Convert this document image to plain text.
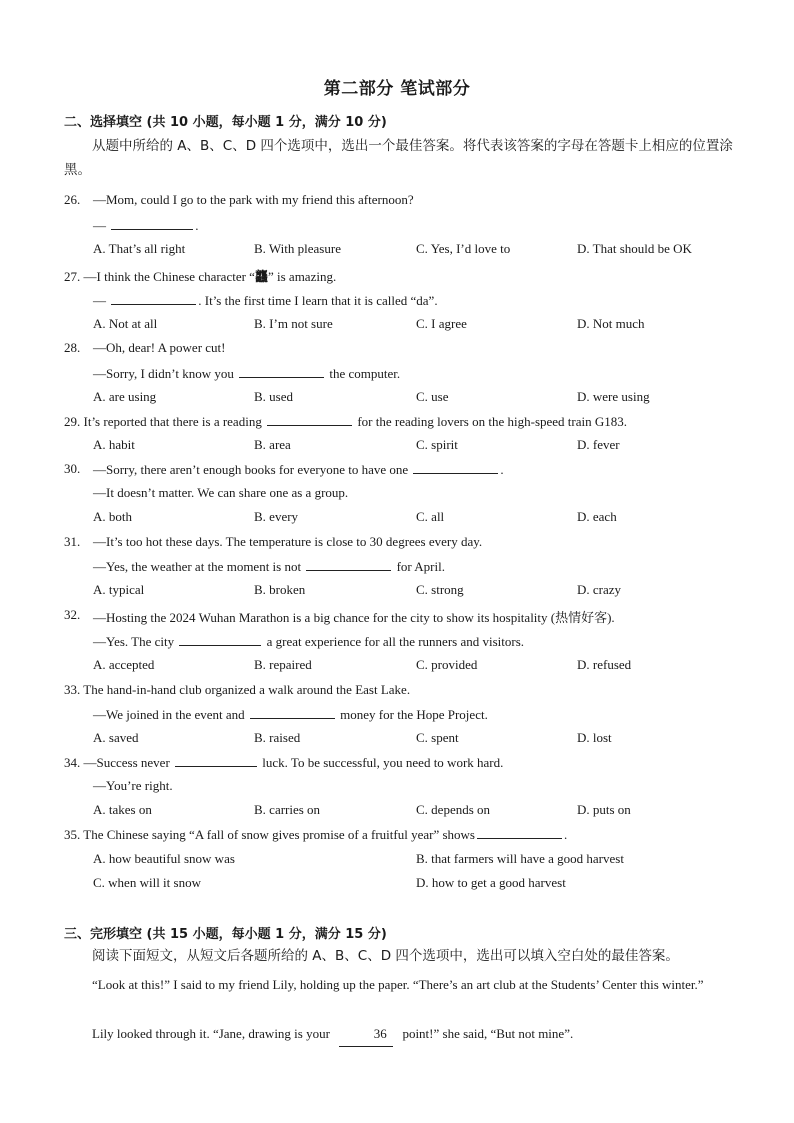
第二部分 笔试部分
二、选择填空 (共 10 小题，每小题 1 分，满分 10 分)
从题中所给的 A、B、C、D 四个选项中，选出一个最佳答案。将代表该答案的字母在答题卡上相应的位置涂黑。
26. —Mom, could I go to the park with my friend this afternoon?
—	.
A. That’s all right	B. With pleasure	C. Yes, I’d love to	D. That should be OK
27. —I think the Chinese character “龘” is amazing.
—	. It’s the first time I learn that it is called “da”.
A. Not at all	B. I’m not sure	C. I agree	D. Not much
28. —Oh, dear! A power cut!
—Sorry, I didn’t know you	the computer.
A. are using	B. used	C. use	D. were using
29. It’s reported that there is a reading	for the reading lovers on the high-speed train G183.
A. habit	B. area	C. spirit	D. fever
30. —Sorry, there aren’t enough books for everyone to have one	.
—It doesn’t matter. We can share one as a group.
A. both	B. every	C. all	D. each
31. —It’s too hot these days. The temperature is close to 30 degrees every day.
—Yes, the weather at the moment is not	for April.
A. typical	B. broken	C. strong	D. crazy
32. —Hosting the 2024 Wuhan Marathon is a big chance for the city to show its hospitality (热情好客).
—Yes. The city	a great experience for all the runners and visitors.
A. accepted	B. repaired	C. provided	D. refused
33. The hand-in-hand club organized a walk around the East Lake.
—We joined in the event and	money for the Hope Project.
A. saved	B. raised	C. spent	D. lost
34. —Success never	luck. To be successful, you need to work hard.
—You’re right.
A. takes on	B. carries on	C. depends on	D. puts on
35. The Chinese saying “A fall of snow gives promise of a fruitful year” shows	.
A. how beautiful snow was	B. that farmers will have a good harvest
C. when will it snow	D. how to get a good harvest
三、完形填空 (共 15 小题，每小题 1 分，满分 15 分)
阅读下面短文，从短文后各题所给的 A、B、C、D 四个选项中，选出可以填入空白处的最佳答案。
“Look at this!” I said to my friend Lily, holding up the paper. “There’s an art club at the Students’ Center this winter.”
Lily looked through it. “Jane, drawing is your	36 point!” she said, “But not mine”.
